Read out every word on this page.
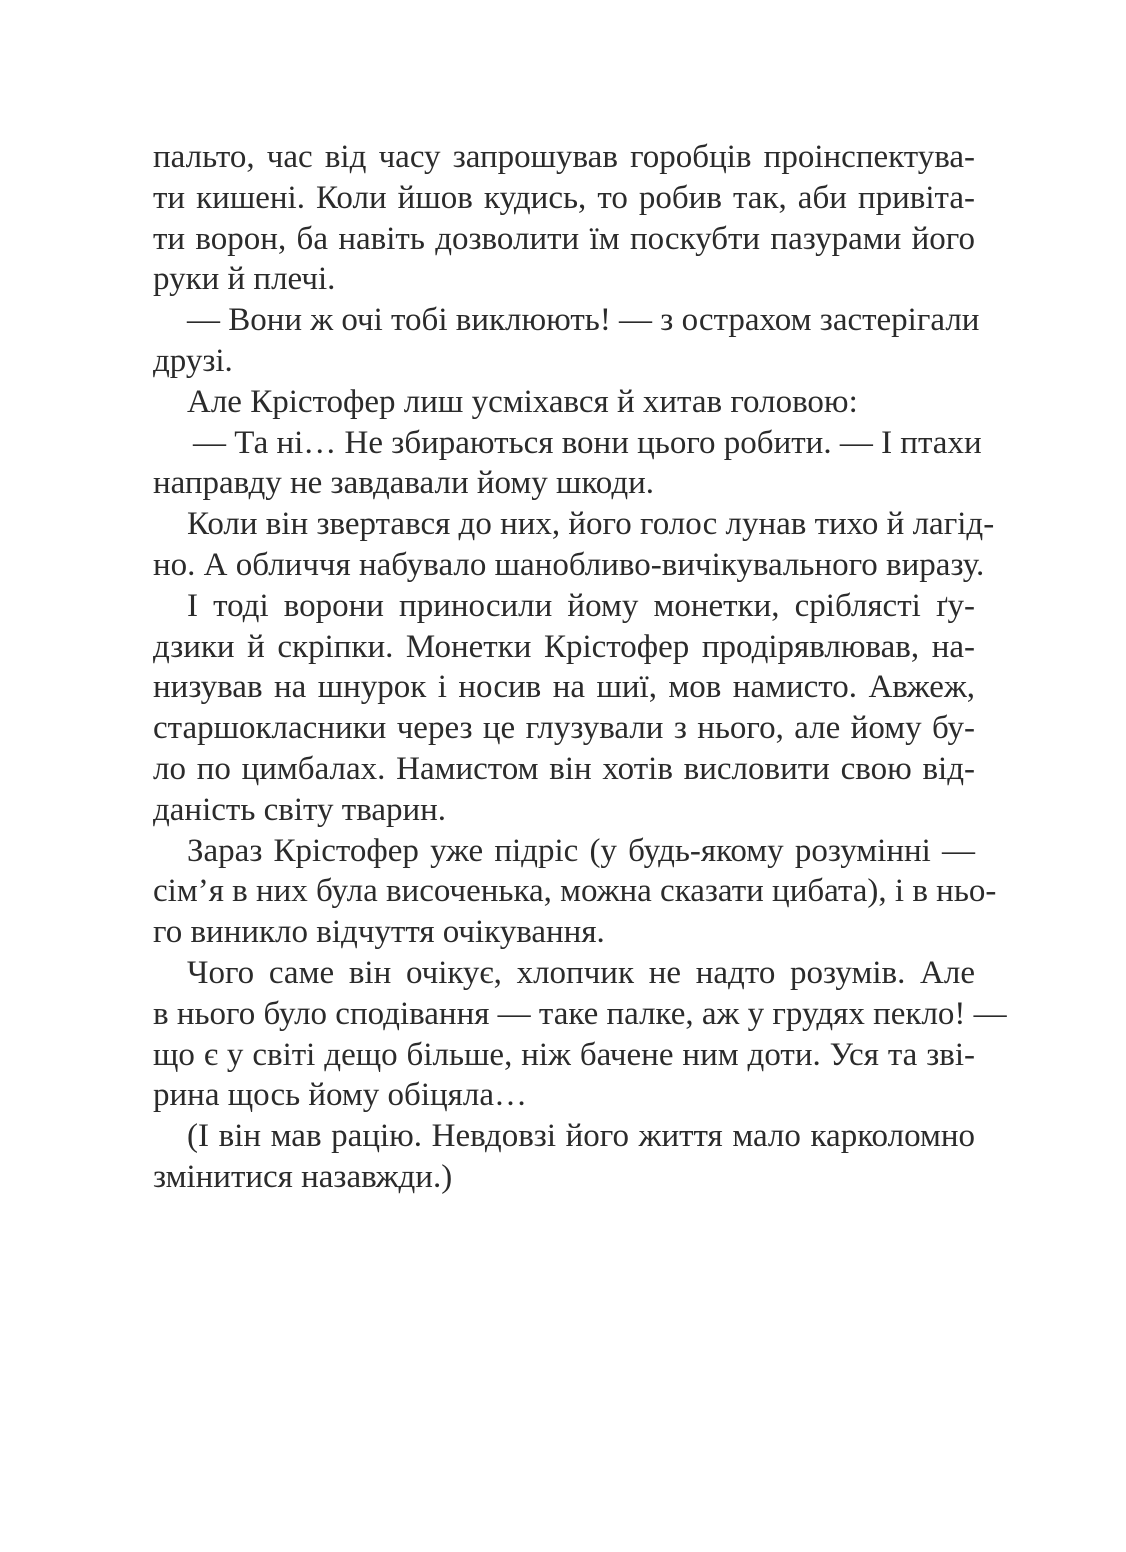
пальто, час від часу запрошував горобців проінспектува-
ти кишені. Коли йшов кудись, то робив так, аби привіта-
ти ворон, ба навіть дозволити їм поскубти пазурами його
руки й плечі.
— Вони ж очі тобі виклюють! — з острахом застерігали
друзі.
Але Крістофер лиш усміхався й хитав головою:
— Та ні… Не збираються вони цього робити. — І птахи
направду не завдавали йому шкоди.
Коли він звертався до них, його голос лунав тихо й лагід-
но. А обличчя набувало шанобливо-вичікувального виразу.
І тоді ворони приносили йому монетки, сріблясті ґу-
дзики й скріпки. Монетки Крістофер продірявлював, на-
низував на шнурок і носив на шиї, мов намисто. Авжеж,
старшокласники через це глузували з нього, але йому бу-
ло по цимбалах. Намистом він хотів висловити свою від-
даність світу тварин.
Зараз Крістофер уже підріс (у будь-якому розумінні —
сім’я в них була височенька, можна сказати цибата), і в ньо-
го виникло відчуття очікування.
Чого саме він очікує, хлопчик не надто розумів. Але
в нього було сподівання — таке палке, аж у грудях пекло! —
що є у світі дещо більше, ніж бачене ним доти. Уся та зві-
рина щось йому обіцяла…
(І він мав рацію. Невдовзі його життя мало карколомно
змінитися назавжди.)
